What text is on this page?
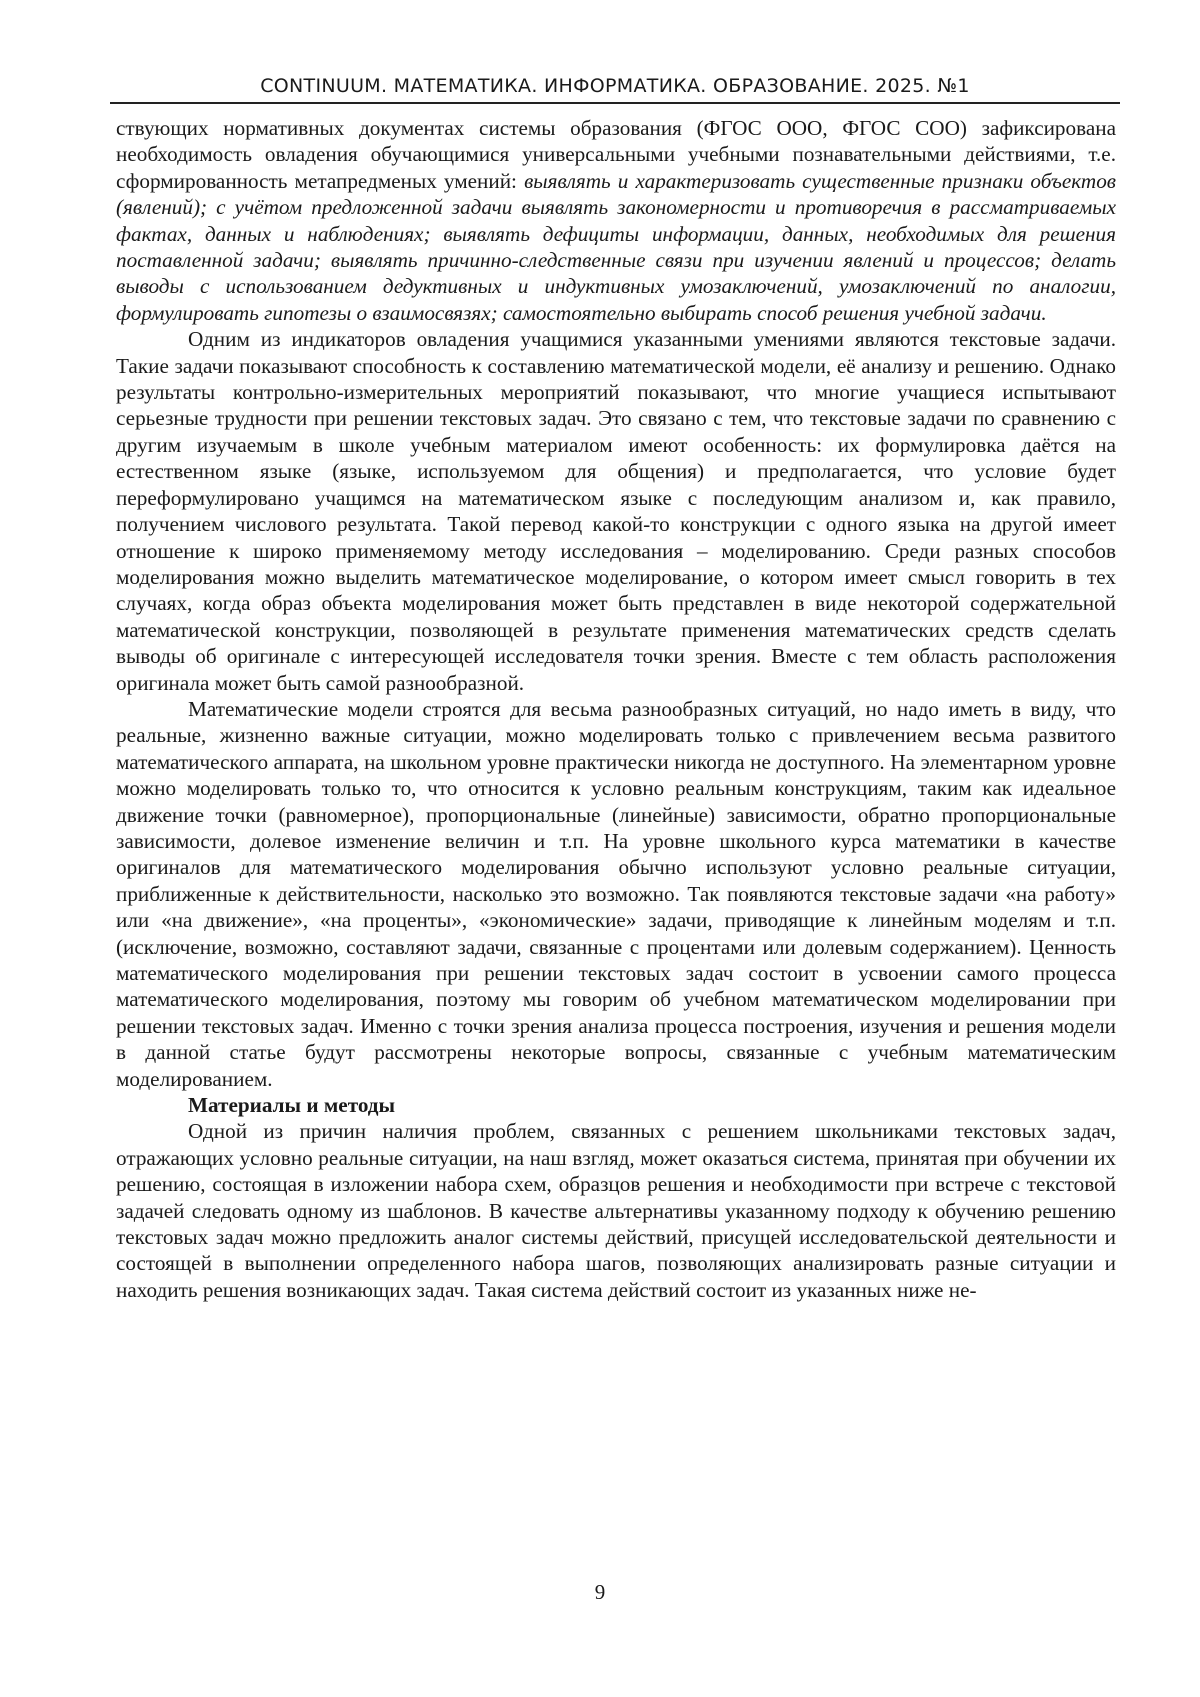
CONTINUUM. МАТЕМАТИКА. ИНФОРМАТИКА. ОБРАЗОВАНИЕ. 2025. №1

ствующих нормативных документах системы образования (ФГОС ООО, ФГОС СОО) зафиксирована необходимость овладения обучающимися универсальными учебными познавательными действиями, т.е. сформированность метапредменых умений: выявлять и характеризовать существенные признаки объектов (явлений); с учётом предложенной задачи выявлять закономерности и противоречия в рассматриваемых фактах, данных и наблюдениях; выявлять дефициты информации, данных, необходимых для решения поставленной задачи; выявлять причинно-следственные связи при изучении явлений и процессов; делать выводы с использованием дедуктивных и индуктивных умозаключений, умозаключений по аналогии, формулировать гипотезы о взаимосвязях; самостоятельно выбирать способ решения учебной задачи.

Одним из индикаторов овладения учащимися указанными умениями являются текстовые задачи. Такие задачи показывают способность к составлению математической модели, её анализу и решению. Однако результаты контрольно-измерительных мероприятий показывают, что многие учащиеся испытывают серьезные трудности при решении текстовых задач. Это связано с тем, что текстовые задачи по сравнению с другим изучаемым в школе учебным материалом имеют особенность: их формулировка даётся на естественном языке (языке, используемом для общения) и предполагается, что условие будет переформулировано учащимся на математическом языке с последующим анализом и, как правило, получением числового результата. Такой перевод какой-то конструкции с одного языка на другой имеет отношение к широко применяемому методу исследования – моделированию. Среди разных способов моделирования можно выделить математическое моделирование, о котором имеет смысл говорить в тех случаях, когда образ объекта моделирования может быть представлен в виде некоторой содержательной математической конструкции, позволяющей в результате применения математических средств сделать выводы об оригинале с интересующей исследователя точки зрения. Вместе с тем область расположения оригинала может быть самой разнообразной.

Математические модели строятся для весьма разнообразных ситуаций, но надо иметь в виду, что реальные, жизненно важные ситуации, можно моделировать только с привлечением весьма развитого математического аппарата, на школьном уровне практически никогда не доступного. На элементарном уровне можно моделировать только то, что относится к условно реальным конструкциям, таким как идеальное движение точки (равномерное), пропорциональные (линейные) зависимости, обратно пропорциональные зависимости, долевое изменение величин и т.п. На уровне школьного курса математики в качестве оригиналов для математического моделирования обычно используют условно реальные ситуации, приближенные к действительности, насколько это возможно. Так появляются текстовые задачи «на работу» или «на движение», «на проценты», «экономические» задачи, приводящие к линейным моделям и т.п. (исключение, возможно, составляют задачи, связанные с процентами или долевым содержанием). Ценность математического моделирования при решении текстовых задач состоит в усвоении самого процесса математического моделирования, поэтому мы говорим об учебном математическом моделировании при решении текстовых задач. Именно с точки зрения анализа процесса построения, изучения и решения модели в данной статье будут рассмотрены некоторые вопросы, связанные с учебным математическим моделированием.

Материалы и методы

Одной из причин наличия проблем, связанных с решением школьниками текстовых задач, отражающих условно реальные ситуации, на наш взгляд, может оказаться система, принятая при обучении их решению, состоящая в изложении набора схем, образцов решения и необходимости при встрече с текстовой задачей следовать одному из шаблонов. В качестве альтернативы указанному подходу к обучению решению текстовых задач можно предложить аналог системы действий, присущей исследовательской деятельности и состоящей в выполнении определенного набора шагов, позволяющих анализировать разные ситуации и находить решения возникающих задач. Такая система действий состоит из указанных ниже не-

9
